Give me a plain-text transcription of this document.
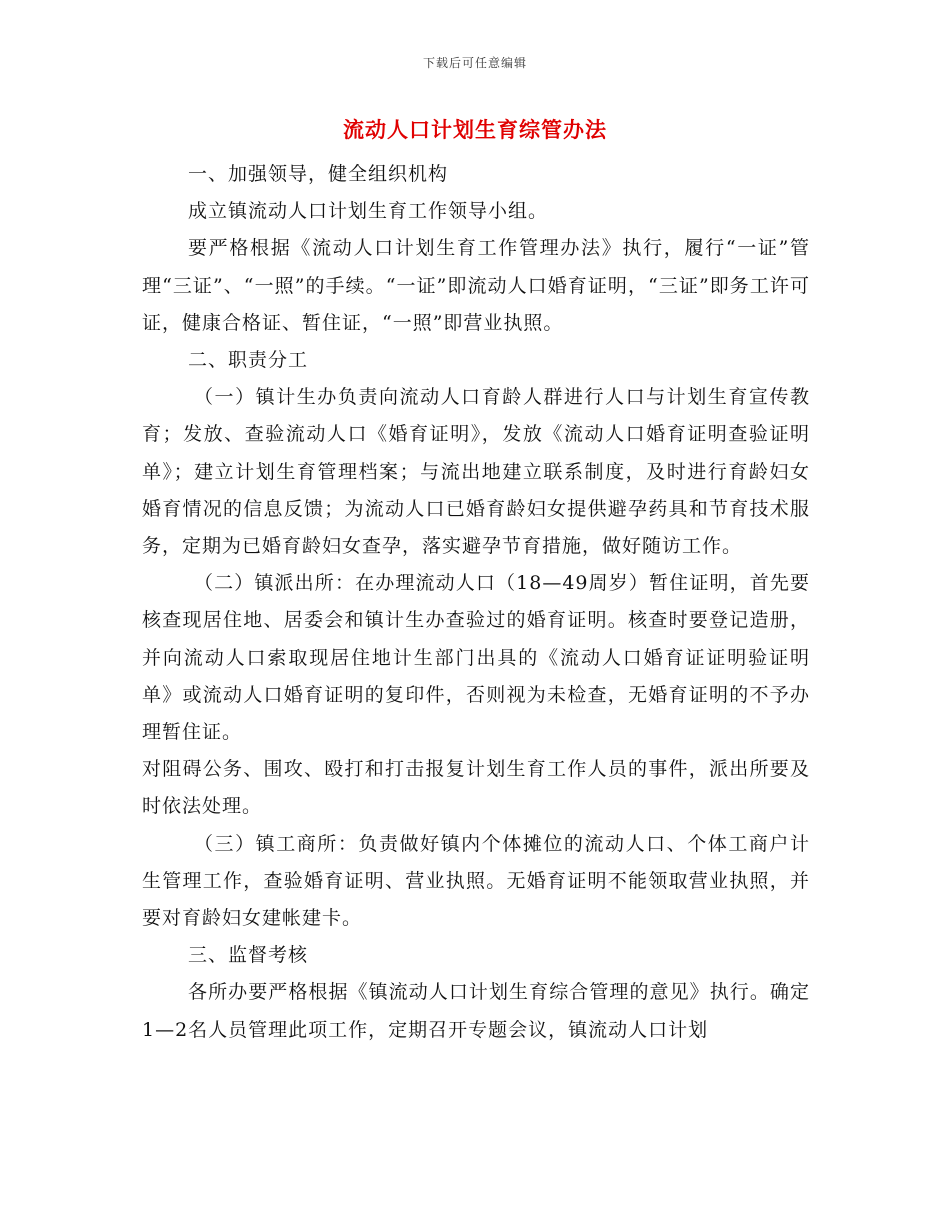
下载后可任意编辑
流动人口计划生育综管办法

一、加强领导，健全组织机构

成立镇流动人口计划生育工作领导小组。

要严格根据《流动人口计划生育工作管理办法》执行，履行“一证”管理“三证”、“一照”的手续。“一证”即流动人口婚育证明，“三证”即务工许可证，健康合格证、暂住证，“一照”即营业执照。

二、职责分工

（一）镇计生办负责向流动人口育龄人群进行人口与计划生育宣传教育；发放、查验流动人口《婚育证明》，发放《流动人口婚育证明查验证明单》；建立计划生育管理档案；与流出地建立联系制度，及时进行育龄妇女婚育情况的信息反馈；为流动人口已婚育龄妇女提供避孕药具和节育技术服务，定期为已婚育龄妇女查孕，落实避孕节育措施，做好随访工作。

（二）镇派出所：在办理流动人口（18—49周岁）暂住证明，首先要核查现居住地、居委会和镇计生办查验过的婚育证明。核查时要登记造册，并向流动人口索取现居住地计生部门出具的《流动人口婚育证证明验证明单》或流动人口婚育证明的复印件，否则视为未检查，无婚育证明的不予办理暂住证。

对阻碍公务、围攻、殴打和打击报复计划生育工作人员的事件，派出所要及时依法处理。

（三）镇工商所：负责做好镇内个体摊位的流动人口、个体工商户计生管理工作，查验婚育证明、营业执照。无婚育证明不能领取营业执照，并要对育龄妇女建帐建卡。

三、监督考核

各所办要严格根据《镇流动人口计划生育综合管理的意见》执行。确定1—2名人员管理此项工作，定期召开专题会议，镇流动人口计划
